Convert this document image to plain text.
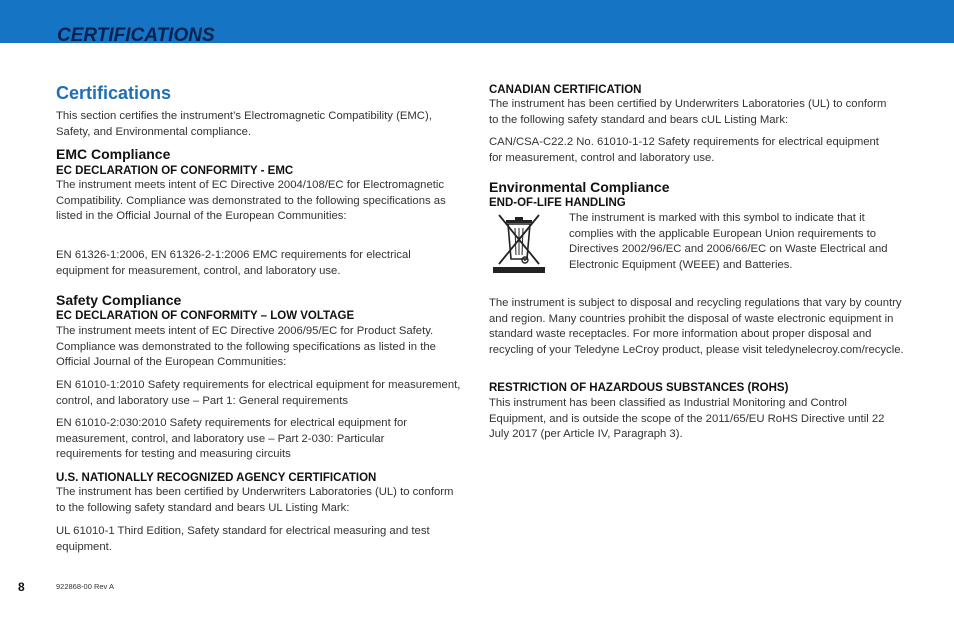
CERTIFICATIONS
Certifications

This section certifies the instrument’s Electromagnetic Compatibility (EMC), Safety, and Environmental compliance.

EMC Compliance
EC DECLARATION OF CONFORMITY - EMC

The instrument meets intent of EC Directive 2004/108/EC for Electromagnetic Compatibility. Compliance was demonstrated to the following specifications as listed in the Official Journal of the European Communities:

EN 61326-1:2006, EN 61326-2-1:2006 EMC requirements for electrical equipment for measurement, control, and laboratory use.

Safety Compliance
EC DECLARATION OF CONFORMITY – LOW VOLTAGE

The instrument meets intent of EC Directive 2006/95/EC for Product Safety. Compliance was demonstrated to the following specifications as listed in the Official Journal of the European Communities:

EN 61010-1:2010 Safety requirements for electrical equipment for measurement, control, and laboratory use – Part 1: General requirements

EN 61010-2:030:2010 Safety requirements for electrical equipment for measurement, control, and laboratory use – Part 2-030: Particular requirements for testing and measuring circuits

U.S. NATIONALLY RECOGNIZED AGENCY CERTIFICATION

The instrument has been certified by Underwriters Laboratories (UL) to conform to the following safety standard and bears UL Listing Mark:

UL 61010-1 Third Edition, Safety standard for electrical measuring and test equipment.

CANADIAN CERTIFICATION

The instrument has been certified by Underwriters Laboratories (UL) to conform to the following safety standard and bears cUL Listing Mark:

CAN/CSA-C22.2 No. 61010-1-12 Safety requirements for electrical equipment for measurement, control and laboratory use.

Environmental Compliance
END-OF-LIFE HANDLING

The instrument is marked with this symbol to indicate that it complies with the applicable European Union requirements to Directives 2002/96/EC and 2006/66/EC on Waste Electrical and Electronic Equipment (WEEE) and Batteries.

The instrument is subject to disposal and recycling regulations that vary by country and region. Many countries prohibit the disposal of waste electronic equipment in standard waste receptacles. For more information about proper disposal and recycling of your Teledyne LeCroy product, please visit teledynelecroy.com/recycle.

RESTRICTION OF HAZARDOUS SUBSTANCES (ROHS)

This instrument has been classified as Industrial Monitoring and Control Equipment, and is outside the scope of the 2011/65/EU RoHS Directive until 22 July 2017 (per Article IV, Paragraph 3).

8	922868-00 Rev A
